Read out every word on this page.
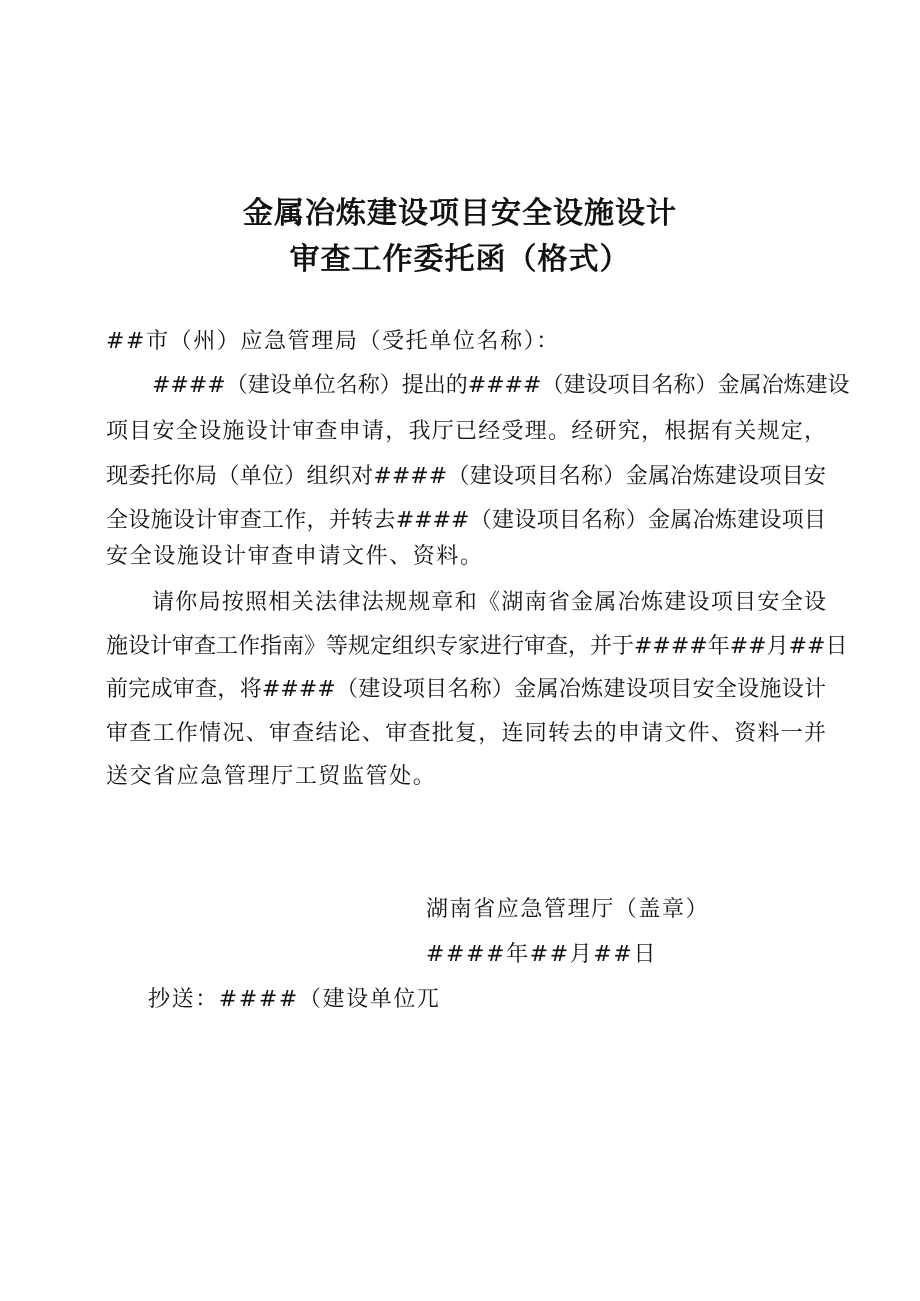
金属冶炼建设项目安全设施设计
审查工作委托函（格式）

##市（州）应急管理局（受托单位名称）：

####（建设单位名称）提出的####（建设项目名称）金属冶炼建设

项目安全设施设计审查申请，我厅已经受理。经研究，根据有关规定，

现委托你局（单位）组织对####（建设项目名称）金属冶炼建设项目安

全设施设计审查工作，并转去####（建设项目名称）金属冶炼建设项目

安全设施设计审查申请文件、资料。

请你局按照相关法律法规规章和《湖南省金属冶炼建设项目安全设

施设计审查工作指南》等规定组织专家进行审查，并于####年##月##日

前完成审查，将####（建设项目名称）金属冶炼建设项目安全设施设计

审查工作情况、审查结论、审查批复，连同转去的申请文件、资料一并

送交省应急管理厅工贸监管处。

湖南省应急管理厅（盖章）

####年##月##日

抄送：####（建设单位兀
